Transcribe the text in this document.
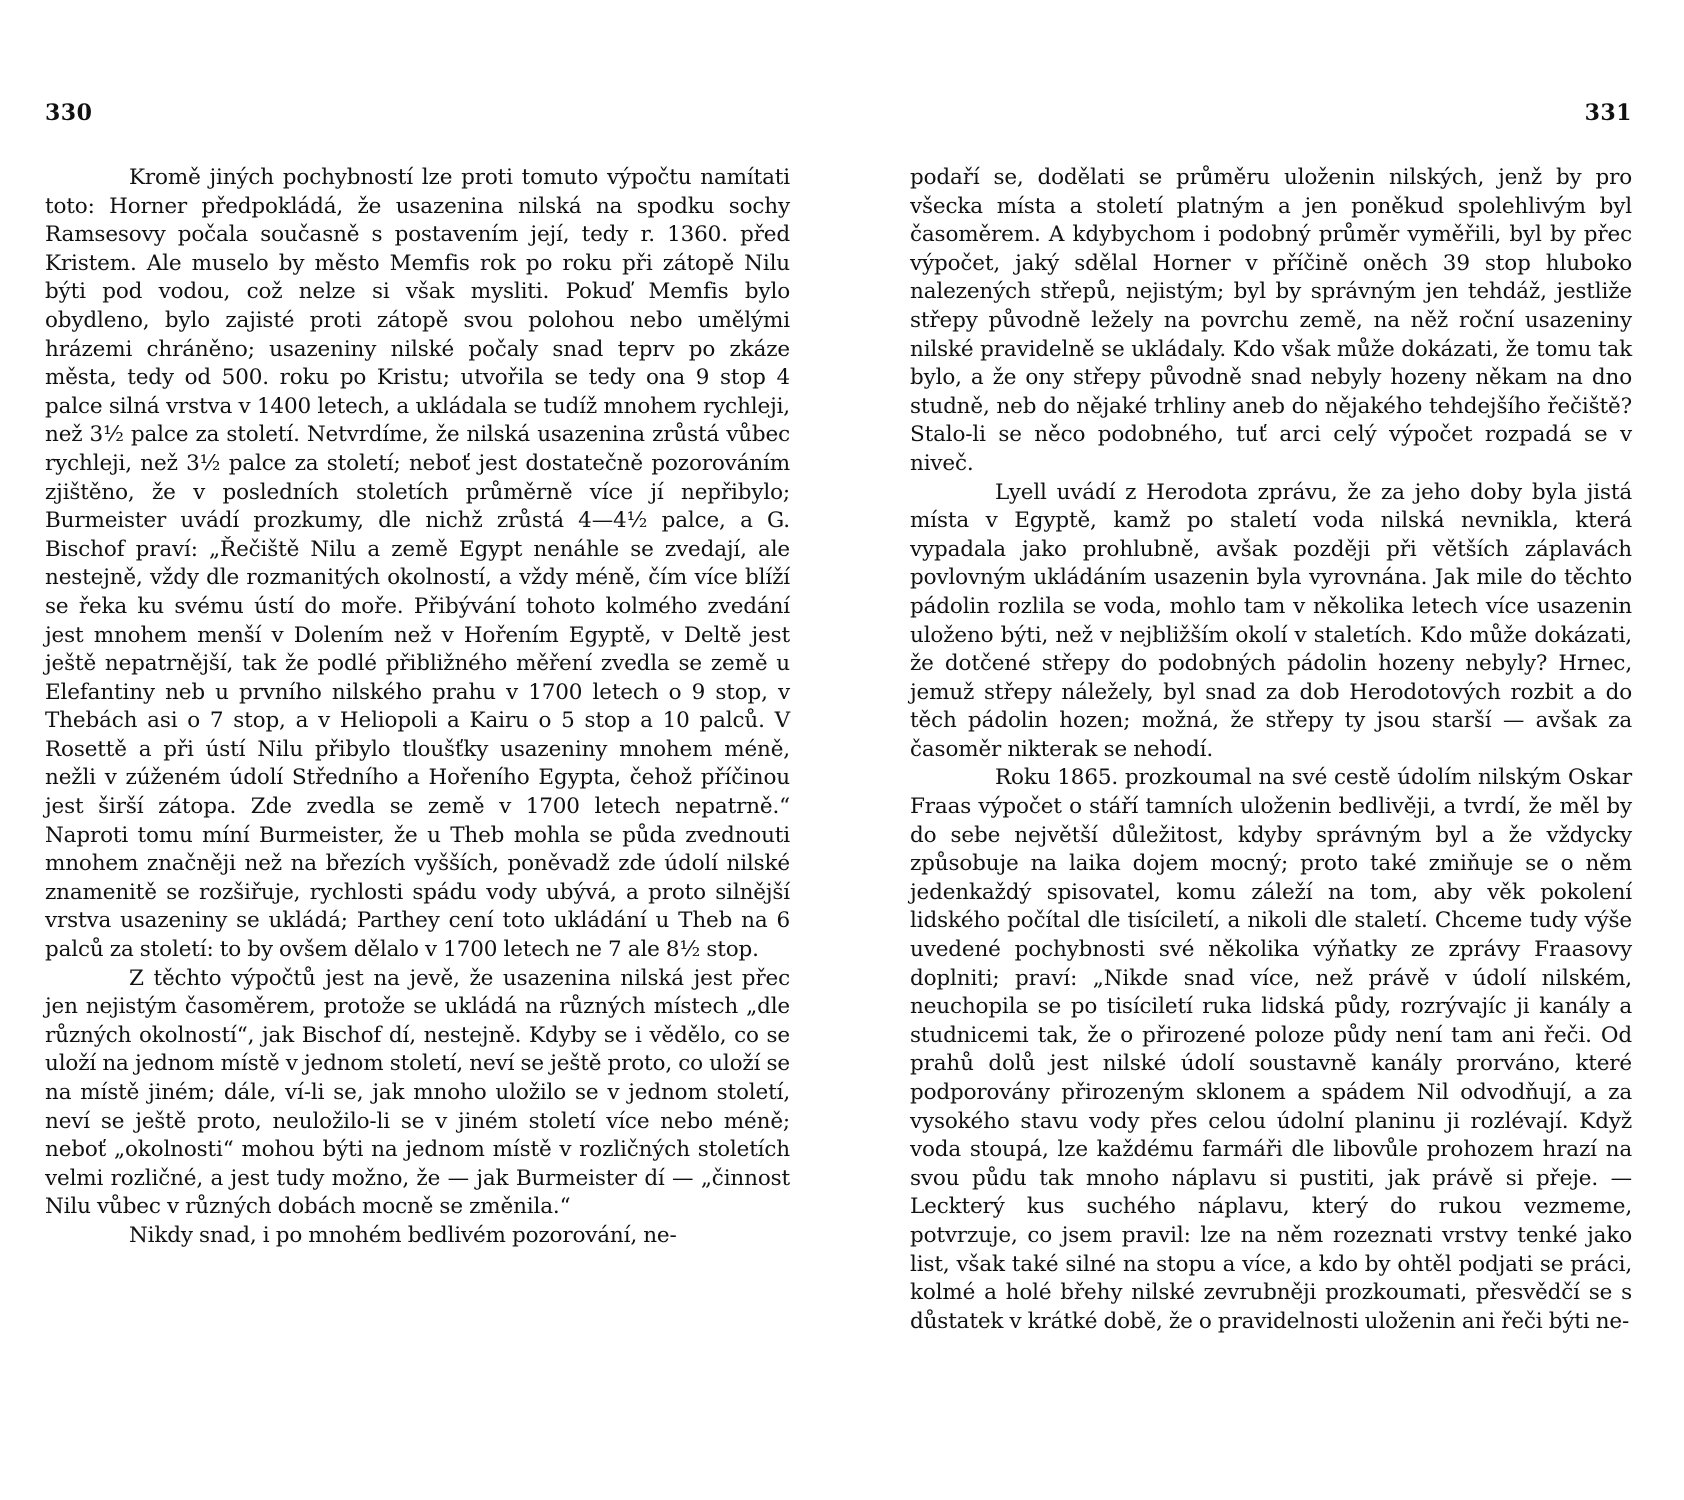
330

Kromě jiných pochybností lze proti tomuto výpočtu namítati toto: Horner předpokládá, že usazenina nilská na spodku sochy Ramsesovy počala současně s postavením její, tedy r. 1360. před Kristem. Ale muselo by město Memfis rok po roku při zátopě Nilu býti pod vodou, což nelze si však mysliti. Pokuď Memfis bylo obydleno, bylo zajisté proti zátopě svou polohou nebo umělými hrázemi chráněno; usazeniny nilské počaly snad teprv po zkáze města, tedy od 500. roku po Kristu; utvořila se tedy ona 9 stop 4 palce silná vrstva v 1400 letech, a ukládala se tudíž mnohem rychleji, než 3½ palce za století. Netvrdíme, že nilská usazenina zrůstá vůbec rychleji, než 3½ palce za století; neboť jest dostatečně pozorováním zjištěno, že v posledních stoletích průměrně více jí nepřibylo; Burmeister uvádí prozkumy, dle nichž zrůstá 4—4½ palce, a G. Bischof praví: „Řečiště Nilu a země Egypt nenáhle se zvedají, ale nestejně, vždy dle rozmanitých okolností, a vždy méně, čím více blíží se řeka ku svému ústí do moře. Přibývání tohoto kolmého zvedání jest mnohem menší v Dolením než v Hořením Egyptě, v Deltě jest ještě nepatrnější, tak že podlé přibližného měření zvedla se země u Elefantiny neb u prvního nilského prahu v 1700 letech o 9 stop, v Thebách asi o 7 stop, a v Heliopoli a Kairu o 5 stop a 10 palců. V Rosettě a při ústí Nilu přibylo tloušťky usazeniny mnohem méně, nežli v zúženém údolí Středního a Hořeního Egypta, čehož příčinou jest širší zátopa. Zde zvedla se země v 1700 letech nepatrně.“ Naproti tomu míní Burmeister, že u Theb mohla se půda zvednouti mnohem značněji než na březích vyšších, poněvadž zde údolí nilské znamenitě se rozšiřuje, rychlosti spádu vody ubývá, a proto silnější vrstva usazeniny se ukládá; Parthey cení toto ukládání u Theb na 6 palců za století: to by ovšem dělalo v 1700 letech ne 7 ale 8½ stop.

Z těchto výpočtů jest na jevě, že usazenina nilská jest přec jen nejistým časoměrem, protože se ukládá na různých místech „dle různých okolností“, jak Bischof dí, nestejně. Kdyby se i vědělo, co se uloží na jednom místě v jednom století, neví se ještě proto, co uloží se na místě jiném; dále, ví-li se, jak mnoho uložilo se v jednom století, neví se ještě proto, neuložilo-li se v jiném století více nebo méně; neboť „okolnosti“ mohou býti na jednom místě v rozličných stoletích velmi rozličné, a jest tudy možno, že — jak Burmeister dí — „činnost Nilu vůbec v různých dobách mocně se změnila.“

Nikdy snad, i po mnohém bedlivém pozorování, ne-

331

podaří se, dodělati se průměru uloženin nilských, jenž by pro všecka místa a století platným a jen poněkud spolehlivým byl časoměrem. A kdybychom i podobný průměr vyměřili, byl by přec výpočet, jaký sdělal Horner v příčině oněch 39 stop hluboko nalezených střepů, nejistým; byl by správným jen tehdáž, jestliže střepy původně ležely na povrchu země, na něž roční usazeniny nilské pravidelně se ukládaly. Kdo však může dokázati, že tomu tak bylo, a že ony střepy původně snad nebyly hozeny někam na dno studně, neb do nějaké trhliny aneb do nějakého tehdejšího řečiště? Stalo-li se něco podobného, tuť arci celý výpočet rozpadá se v niveč.

Lyell uvádí z Herodota zprávu, že za jeho doby byla jistá místa v Egyptě, kamž po staletí voda nilská nevnikla, která vypadala jako prohlubně, avšak později při větších záplavách povlovným ukládáním usazenin byla vyrovnána. Jak mile do těchto pádolin rozlila se voda, mohlo tam v několika letech více usazenin uloženo býti, než v nejbližším okolí v staletích. Kdo může dokázati, že dotčené střepy do podobných pádolin hozeny nebyly? Hrnec, jemuž střepy náležely, byl snad za dob Herodotových rozbit a do těch pádolin hozen; možná, že střepy ty jsou starší — avšak za časoměr nikterak se nehodí.

Roku 1865. prozkoumal na své cestě údolím nilským Oskar Fraas výpočet o stáří tamních uloženin bedlivěji, a tvrdí, že měl by do sebe největší důležitost, kdyby správným byl a že vždycky způsobuje na laika dojem mocný; proto také zmiňuje se o něm jedenkaždý spisovatel, komu záleží na tom, aby věk pokolení lidského počítal dle tisíciletí, a nikoli dle staletí. Chceme tudy výše uvedené pochybnosti své několika výňatky ze zprávy Fraasovy doplniti; praví: „Nikde snad více, než právě v údolí nilském, neuchopila se po tisíciletí ruka lidská půdy, rozrývajíc ji kanály a studnicemi tak, že o přirozené poloze půdy není tam ani řeči. Od prahů dolů jest nilské údolí soustavně kanály prorváno, které podporovány přirozeným sklonem a spádem Nil odvodňují, a za vysokého stavu vody přes celou údolní planinu ji rozlévají. Když voda stoupá, lze každému farmáři dle libovůle prohozem hrazí na svou půdu tak mnoho náplavu si pustiti, jak právě si přeje. — Leckterý kus suchého náplavu, který do rukou vezmeme, potvrzuje, co jsem pravil: lze na něm rozeznati vrstvy tenké jako list, však také silné na stopu a více, a kdo by ohtěl podjati se práci, kolmé a holé břehy nilské zevrubněji prozkoumati, přesvědčí se s důstatek v krátké době, že o pravidelnosti uloženin ani řeči býti ne-
